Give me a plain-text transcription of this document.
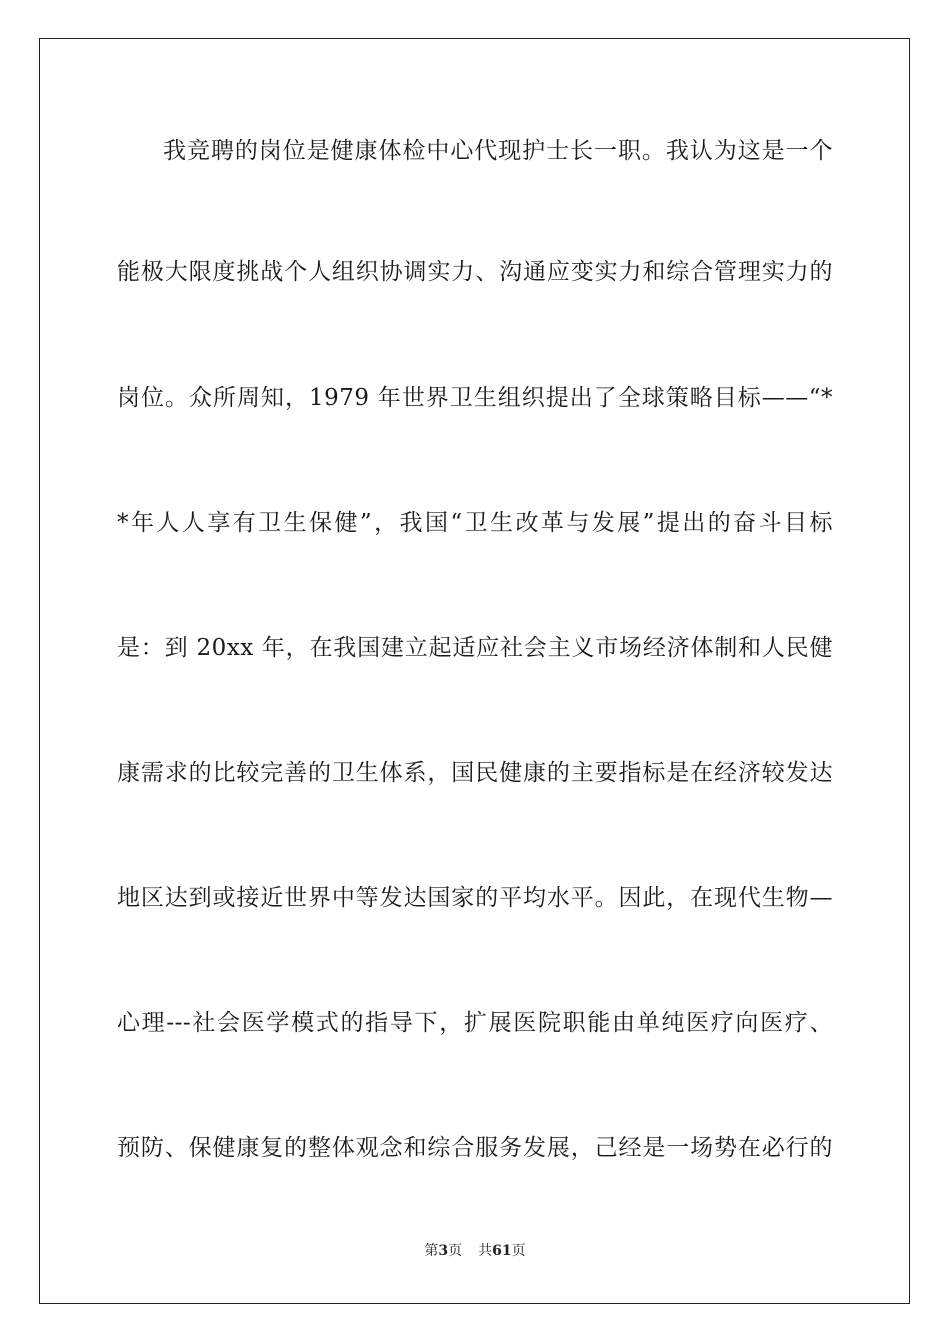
我竞聘的岗位是健康体检中心代现护士长一职。我认为这是一个
能极大限度挑战个人组织协调实力、沟通应变实力和综合管理实力的
岗位。众所周知，1979 年世界卫生组织提出了全球策略目标——“*
*年人人享有卫生保健”，我国“卫生改革与发展”提出的奋斗目标
是：到 20xx 年，在我国建立起适应社会主义市场经济体制和人民健
康需求的比较完善的卫生体系，国民健康的主要指标是在经济较发达
地区达到或接近世界中等发达国家的平均水平。因此，在现代生物—
心理---社会医学模式的指导下，扩展医院职能由单纯医疗向医疗、
预防、保健康复的整体观念和综合服务发展，己经是一场势在必行的
第3页 共61页
